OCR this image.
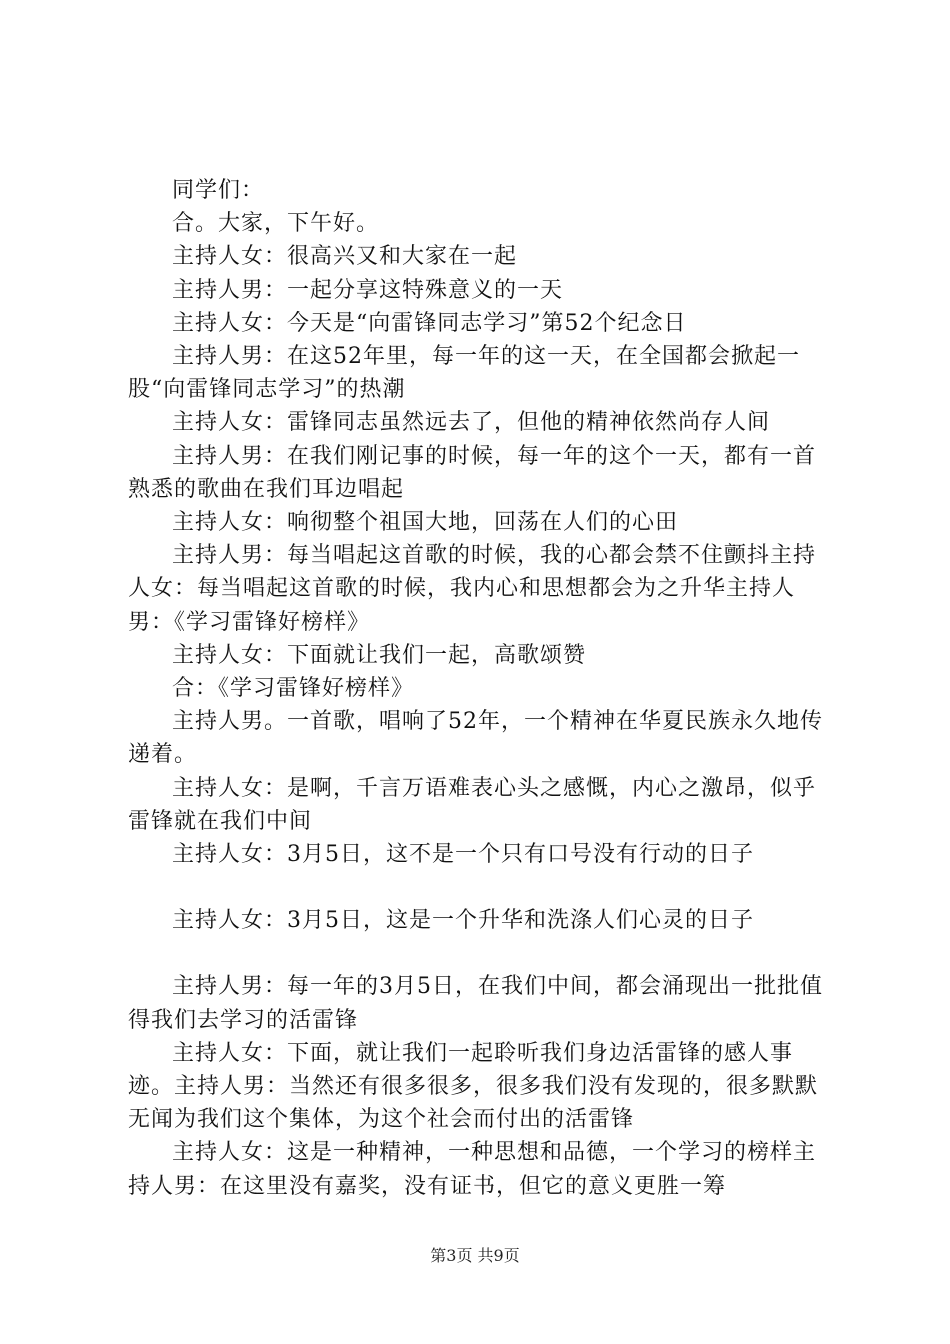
同学们：

合。大家，下午好。

主持人女：很高兴又和大家在一起

主持人男：一起分享这特殊意义的一天

主持人女：今天是“向雷锋同志学习”第52个纪念日

主持人男：在这52年里，每一年的这一天，在全国都会掀起一股“向雷锋同志学习”的热潮

主持人女：雷锋同志虽然远去了，但他的精神依然尚存人间

主持人男：在我们刚记事的时候，每一年的这个一天，都有一首熟悉的歌曲在我们耳边唱起

主持人女：响彻整个祖国大地，回荡在人们的心田

主持人男：每当唱起这首歌的时候，我的心都会禁不住颤抖主持人女：每当唱起这首歌的时候，我内心和思想都会为之升华主持人男：《学习雷锋好榜样》

主持人女：下面就让我们一起，高歌颂赞

合：《学习雷锋好榜样》

主持人男。一首歌，唱响了52年，一个精神在华夏民族永久地传递着。

主持人女：是啊，千言万语难表心头之感慨，内心之激昂，似乎雷锋就在我们中间

主持人女：3月5日，这不是一个只有口号没有行动的日子

主持人女：3月5日，这是一个升华和洗涤人们心灵的日子

主持人男：每一年的3月5日，在我们中间，都会涌现出一批批值得我们去学习的活雷锋

主持人女：下面，就让我们一起聆听我们身边活雷锋的感人事迹。主持人男：当然还有很多很多，很多我们没有发现的，很多默默无闻为我们这个集体，为这个社会而付出的活雷锋

主持人女：这是一种精神，一种思想和品德，一个学习的榜样主持人男：在这里没有嘉奖，没有证书，但它的意义更胜一筹

第3页 共9页
